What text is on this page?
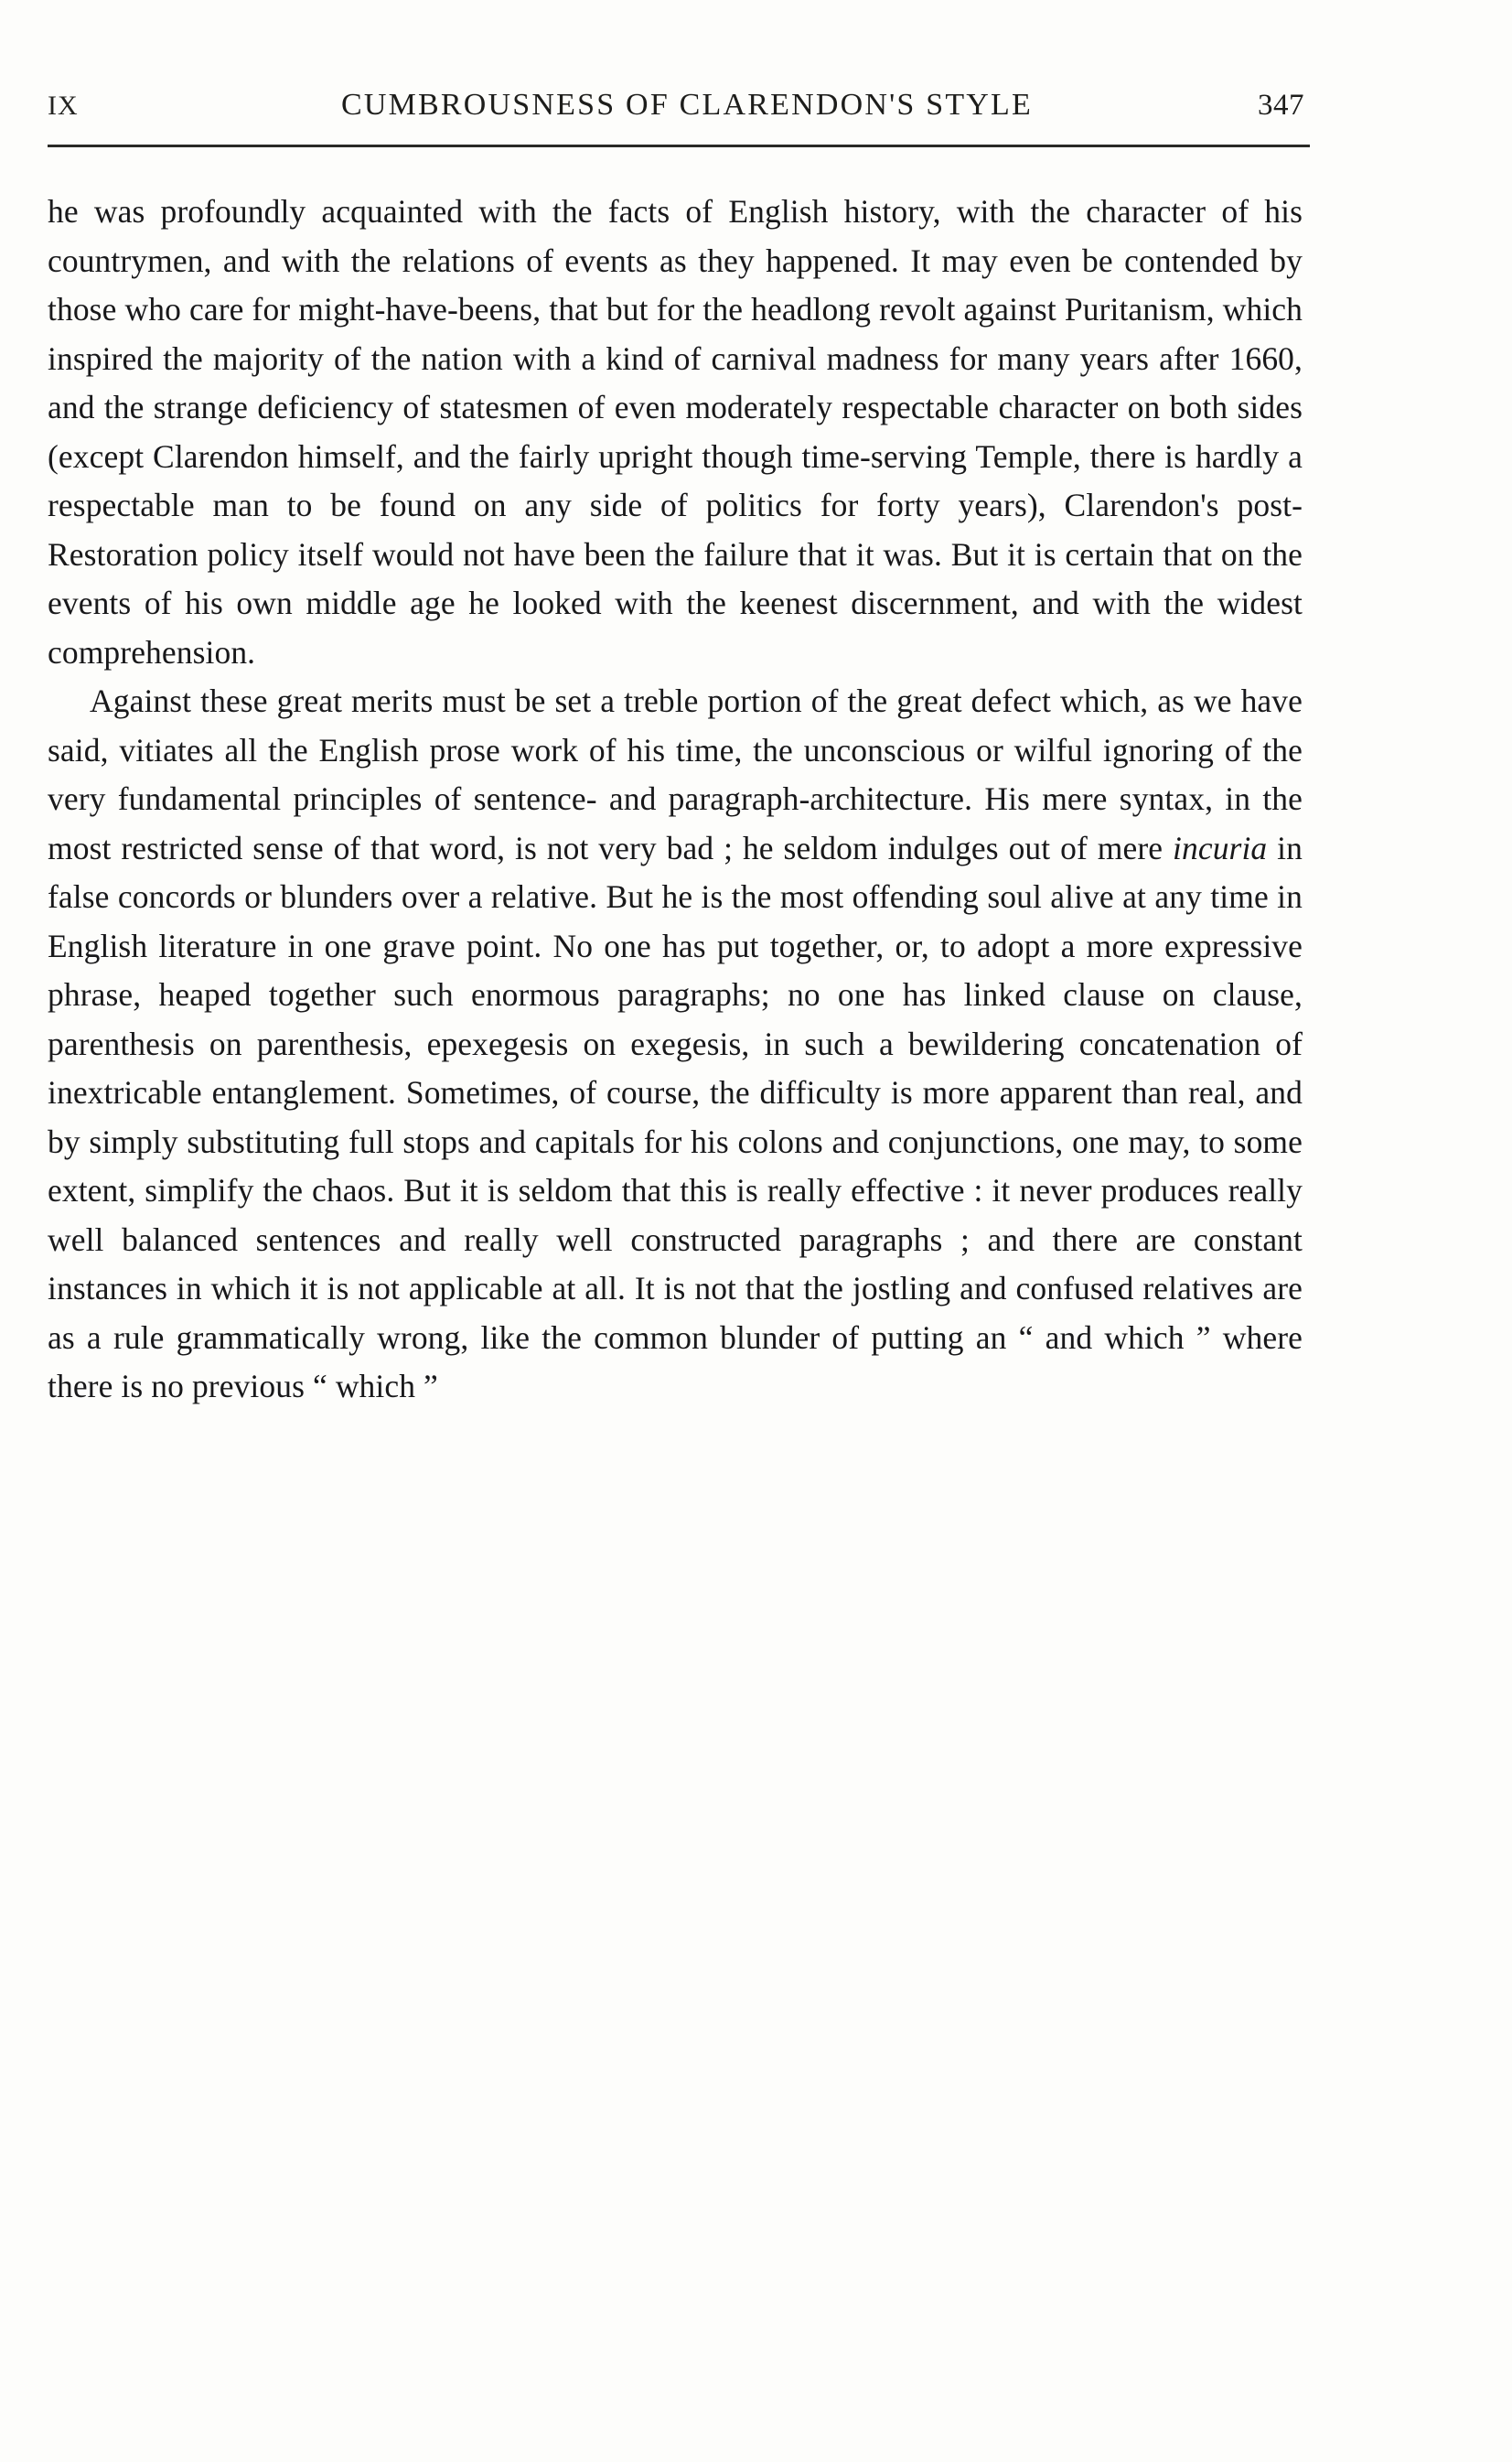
IX	CUMBROUSNESS OF CLARENDON'S STYLE	347

he was profoundly acquainted with the facts of English history, with the character of his countrymen, and with the relations of events as they happened. It may even be contended by those who care for might-have-beens, that but for the headlong revolt against Puritanism, which inspired the majority of the nation with a kind of carnival madness for many years after 1660, and the strange deficiency of statesmen of even moderately respectable character on both sides (except Clarendon himself, and the fairly upright though time-serving Temple, there is hardly a respectable man to be found on any side of politics for forty years), Clarendon's post-Restoration policy itself would not have been the failure that it was. But it is certain that on the events of his own middle age he looked with the keenest discernment, and with the widest comprehension.

Against these great merits must be set a treble portion of the great defect which, as we have said, vitiates all the English prose work of his time, the unconscious or wilful ignoring of the very fundamental principles of sentence- and paragraph-architecture. His mere syntax, in the most restricted sense of that word, is not very bad ; he seldom indulges out of mere incuria in false concords or blunders over a relative. But he is the most offending soul alive at any time in English literature in one grave point. No one has put together, or, to adopt a more expressive phrase, heaped together such enormous paragraphs; no one has linked clause on clause, parenthesis on parenthesis, epexegesis on exegesis, in such a bewildering concatenation of inextricable entanglement. Sometimes, of course, the difficulty is more apparent than real, and by simply substituting full stops and capitals for his colons and conjunctions, one may, to some extent, simplify the chaos. But it is seldom that this is really effective : it never produces really well balanced sentences and really well constructed paragraphs ; and there are constant instances in which it is not applicable at all. It is not that the jostling and confused relatives are as a rule grammatically wrong, like the common blunder of putting an “ and which ” where there is no previous “ which ”
